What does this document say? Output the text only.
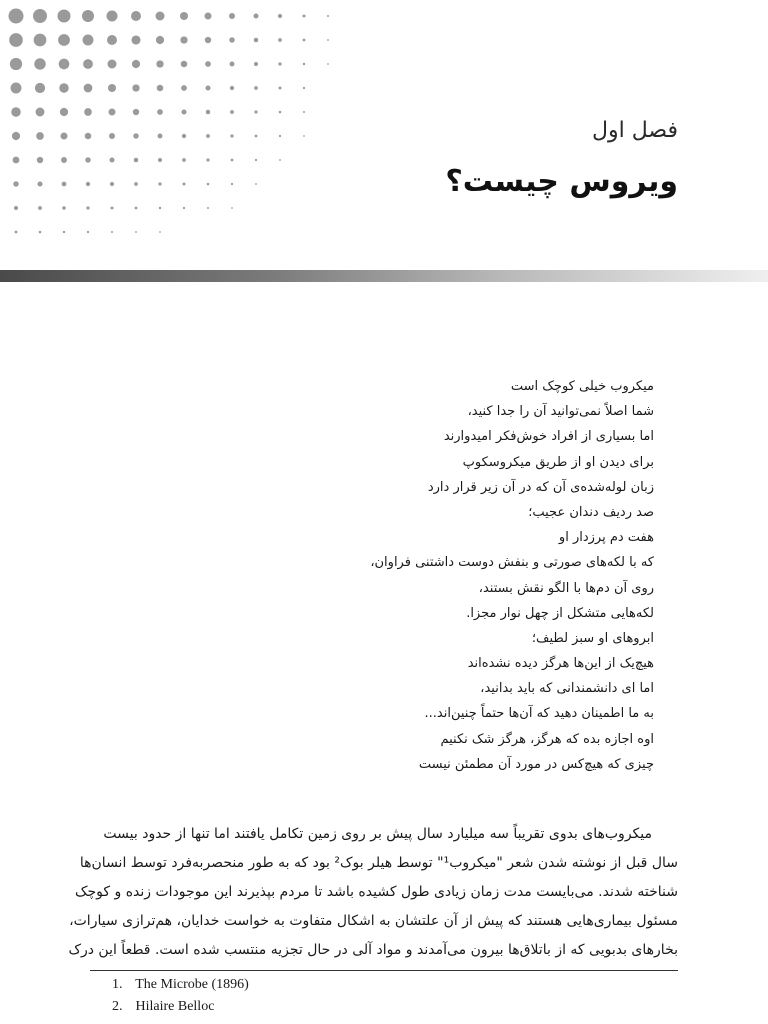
فصل اول
ویروس چیست؟
میکروب خیلی کوچک است
شما اصلاً نمی‌توانید آن را جدا کنید،
اما بسیاری از افراد خوش‌فکر امیدوارند
برای دیدن او از طریق میکروسکوپ
زبان لوله‌شده‌ی آن که در آن زیر قرار دارد
صد ردیف دندان عجیب؛
هفت دم پرزدار او
که با لکه‌های صورتی و بنفش دوست داشتنی فراوان،
روی آن دم‌ها با الگو نقش بستند،
لکه‌هایی متشکل از چهل نوار مجزا.
ابروهای او سبز لطیف؛
هیچ‌یک از این‌ها هرگز دیده نشده‌اند
اما ای دانشمندانی که باید بدانید،
به ما اطمینان دهید که آن‌ها حتماً چنین‌اند...
اوه اجازه بده که هرگز، هرگز شک نکنیم
چیزی که هیچ‌کس در مورد آن مطمئن نیست

میکروب‌های بدوی تقریباً سه میلیارد سال پیش بر روی زمین تکامل یافتند اما تنها از حدود بیست

سال قبل از نوشته شدن شعر "میکروب¹" توسط هیلر بوک² بود که به طور منحصربه‌فرد توسط انسان‌ها

شناخته شدند. می‌بایست مدت زمان زیادی طول کشیده باشد تا مردم بپذیرند این موجودات زنده و کوچک

مسئول بیماری‌هایی هستند که پیش از آن علتشان به اشکال متفاوت به خواست خدایان، هم‌ترازی سیارات،

بخارهای بدبویی که از باتلاق‌ها بیرون می‌آمدند و مواد آلی در حال تجزیه منتسب شده است. قطعاً این درک

1. The Microbe (1896)
2. Hilaire Belloc
